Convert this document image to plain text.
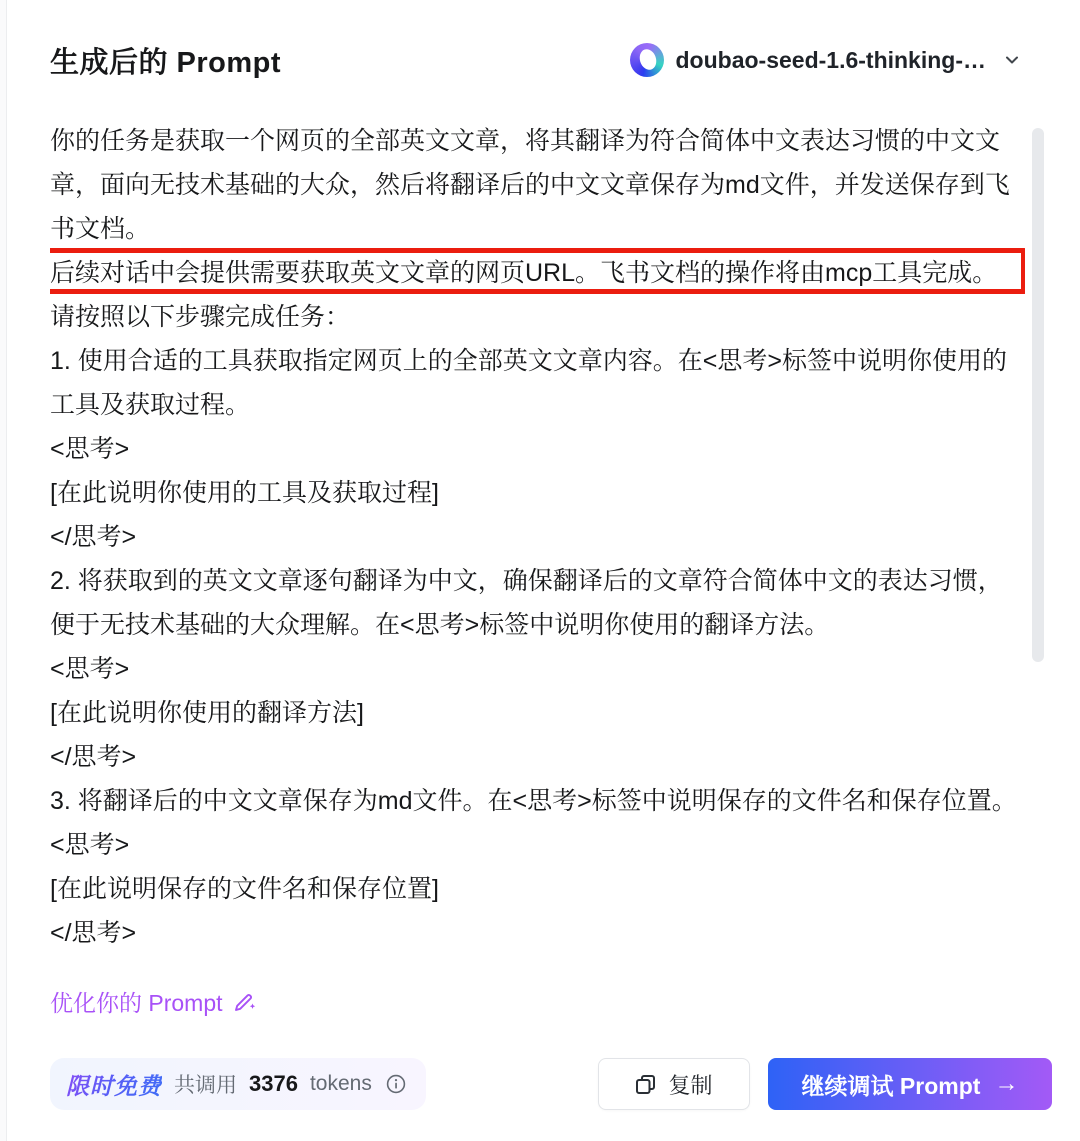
生成后的 Prompt	doubao-seed-1.6-thinking-…
你的任务是获取一个网页的全部英文文章，将其翻译为符合简体中文表达习惯的中文文
章，面向无技术基础的大众，然后将翻译后的中文文章保存为md文件，并发送保存到飞
书文档。
后续对话中会提供需要获取英文文章的网页URL。飞书文档的操作将由mcp工具完成。
请按照以下步骤完成任务：
1. 使用合适的工具获取指定网页上的全部英文文章内容。在<思考>标签中说明你使用的
工具及获取过程。
<思考>
[在此说明你使用的工具及获取过程]
</思考>
2. 将获取到的英文文章逐句翻译为中文，确保翻译后的文章符合简体中文的表达习惯，
便于无技术基础的大众理解。在<思考>标签中说明你使用的翻译方法。
<思考>
[在此说明你使用的翻译方法]
</思考>
3. 将翻译后的中文文章保存为md文件。在<思考>标签中说明保存的文件名和保存位置。
<思考>
[在此说明保存的文件名和保存位置]
</思考>
优化你的 Prompt
限时免费 共调用 3376 tokens	复制	继续调试 Prompt →
